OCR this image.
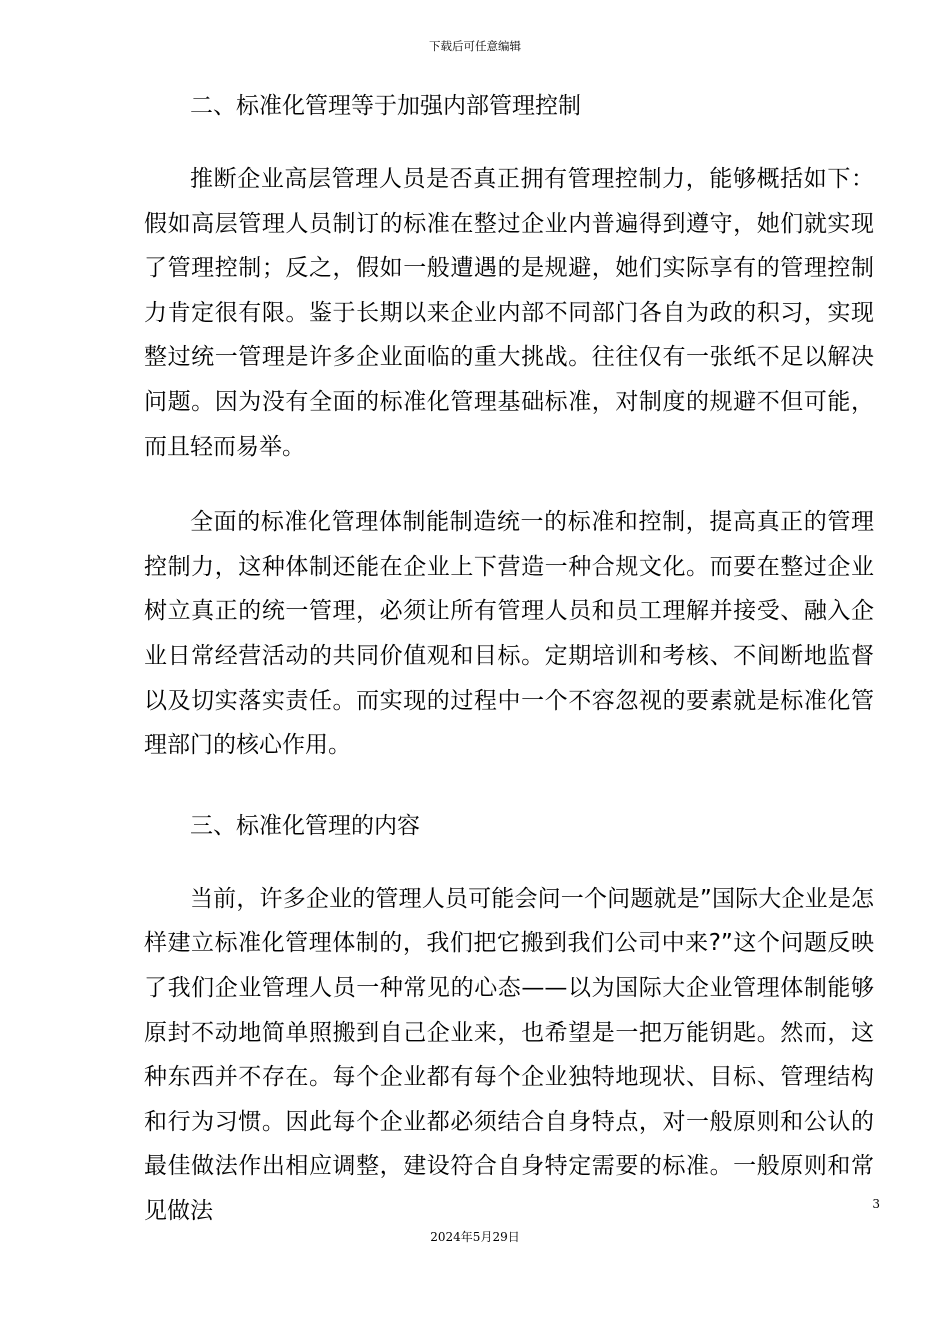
下载后可任意编辑
二、标准化管理等于加强内部管理控制

推断企业高层管理人员是否真正拥有管理控制力，能够概括如下：假如高层管理人员制订的标准在整过企业内普遍得到遵守，她们就实现了管理控制；反之，假如一般遭遇的是规避，她们实际享有的管理控制力肯定很有限。鉴于长期以来企业内部不同部门各自为政的积习，实现整过统一管理是许多企业面临的重大挑战。往往仅有一张纸不足以解决问题。因为没有全面的标准化管理基础标准，对制度的规避不但可能，而且轻而易举。

全面的标准化管理体制能制造统一的标准和控制，提高真正的管理控制力，这种体制还能在企业上下营造一种合规文化。而要在整过企业树立真正的统一管理，必须让所有管理人员和员工理解并接受、融入企业日常经营活动的共同价值观和目标。定期培训和考核、不间断地监督以及切实落实责任。而实现的过程中一个不容忽视的要素就是标准化管理部门的核心作用。

三、标准化管理的内容

当前，许多企业的管理人员可能会问一个问题就是”国际大企业是怎样建立标准化管理体制的，我们把它搬到我们公司中来?”这个问题反映了我们企业管理人员一种常见的心态——以为国际大企业管理体制能够原封不动地简单照搬到自己企业来，也希望是一把万能钥匙。然而，这种东西并不存在。每个企业都有每个企业独特地现状、目标、管理结构和行为习惯。因此每个企业都必须结合自身特点，对一般原则和公认的最佳做法作出相应调整，建设符合自身特定需要的标准。一般原则和常见做法	3
2024年5月29日
